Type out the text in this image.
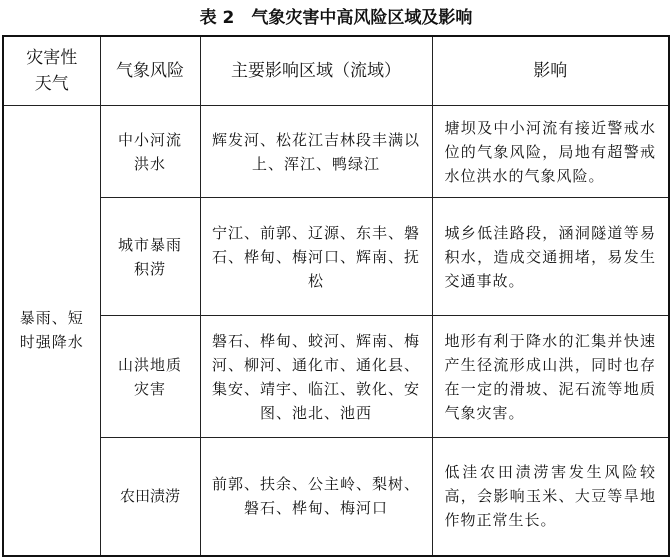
表 2　气象灾害中高风险区域及影响
灾害性天气	气象风险	主要影响区域（流域）	影响

暴雨、短时强降水	中小河流洪水	辉发河、松花江吉林段丰满以上、浑江、鸭绿江	塘坝及中小河流有接近警戒水位的气象风险，局地有超警戒水位洪水的气象风险。

	城市暴雨积涝	宁江、前郭、辽源、东丰、磐石、桦甸、梅河口、辉南、抚松	城乡低洼路段，涵洞隧道等易积水，造成交通拥堵，易发生交通事故。

	山洪地质灾害	磐石、桦甸、蛟河、辉南、梅河、柳河、通化市、通化县、集安、靖宇、临江、敦化、安图、池北、池西	地形有利于降水的汇集并快速产生径流形成山洪，同时也存在一定的滑坡、泥石流等地质气象灾害。
	农田渍涝	前郭、扶余、公主岭、梨树、磐石、桦甸、梅河口	低洼农田渍涝害发生风险较高，会影响玉米、大豆等旱地作物正常生长。
